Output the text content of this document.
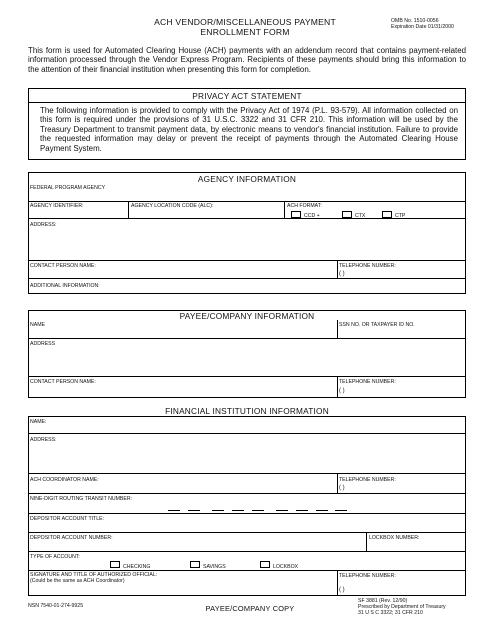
ACH VENDOR/MISCELLANEOUS PAYMENT
ENROLLMENT FORM
OMB No. 1510-0056
Expiration Date 01/31/2000
This form is used for Automated Clearing House (ACH) payments with an addendum record that contains payment-related information processed through the Vendor Express Program. Recipients of these payments should bring this information to the attention of their financial institution when presenting this form for completion.
PRIVACY ACT STATEMENT
The following information is provided to comply with the Privacy Act of 1974 (P.L. 93-579). All information collected on this form is required under the provisions of 31 U.S.C. 3322 and 31 CFR 210. This information will be used by the Treasury Department to transmit payment data, by electronic means to vendor's financial institution. Failure to provide the requested information may delay or prevent the receipt of payments through the Automated Clearing House Payment System.
AGENCY INFORMATION
FEDERAL PROGRAM AGENCY
AGENCY IDENTIFIER:	AGENCY LOCATION CODE (ALC):	ACH FORMAT:
CCD +	CTX	CTP
ADDRESS:
CONTACT PERSON NAME:	TELEPHONE NUMBER:
( )
ADDITIONAL INFORMATION:
PAYEE/COMPANY INFORMATION
NAME	SSN NO. OR TAXPAYER ID NO.
ADDRESS
CONTACT PERSON NAME:	TELEPHONE NUMBER:
( )
FINANCIAL INSTITUTION INFORMATION
NAME:
ADDRESS:
ACH COORDINATOR NAME:	TELEPHONE NUMBER:
( )
NINE-DIGIT ROUTING TRANSIT NUMBER:
DEPOSITOR ACCOUNT TITLE:
DEPOSITOR ACCOUNT NUMBER:	LOCKBOX NUMBER:
TYPE OF ACCOUNT:
CHECKING	SAVINGS	LOCKBOX
SIGNATURE AND TITLE OF AUTHORIZED OFFICIAL:
(Could be the same as ACH Coordinator)
TELEPHONE NUMBER:
( )
NSN 7540-01-274-9925	PAYEE/COMPANY COPY
SF 3881 (Rev. 12/90)
Prescribed by Department of Treasury
31 U S C 3322; 31 CFR 210
